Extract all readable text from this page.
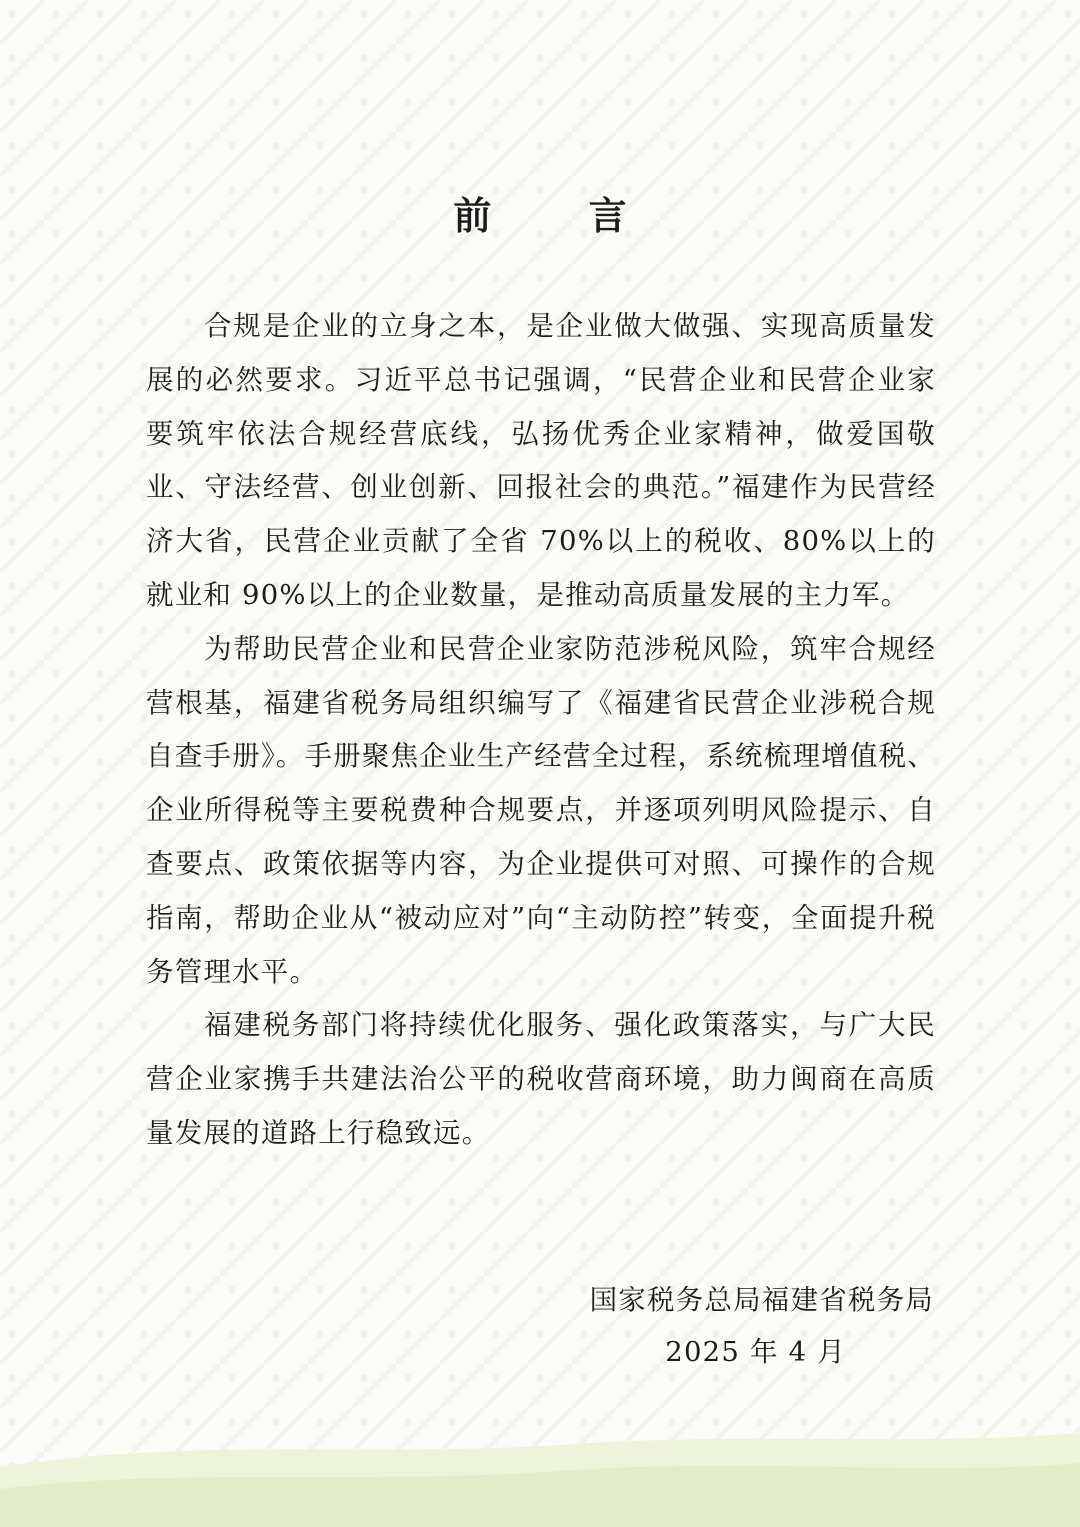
前 言

合规是企业的立身之本，是企业做大做强、实现高质量发展的必然要求。习近平总书记强调，“民营企业和民营企业家要筑牢依法合规经营底线，弘扬优秀企业家精神，做爱国敬业、守法经营、创业创新、回报社会的典范。”福建作为民营经济大省，民营企业贡献了全省 70%以上的税收、80%以上的就业和 90%以上的企业数量，是推动高质量发展的主力军。

为帮助民营企业和民营企业家防范涉税风险，筑牢合规经营根基，福建省税务局组织编写了《福建省民营企业涉税合规自查手册》。手册聚焦企业生产经营全过程，系统梳理增值税、企业所得税等主要税费种合规要点，并逐项列明风险提示、自查要点、政策依据等内容，为企业提供可对照、可操作的合规指南，帮助企业从“被动应对”向“主动防控”转变，全面提升税务管理水平。

福建税务部门将持续优化服务、强化政策落实，与广大民营企业家携手共建法治公平的税收营商环境，助力闽商在高质量发展的道路上行稳致远。

国家税务总局福建省税务局
2025 年 4 月
